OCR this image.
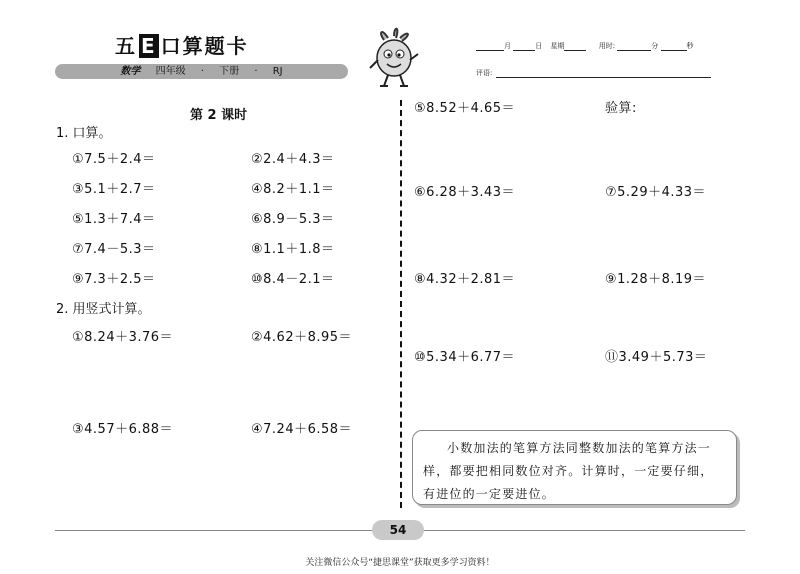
五 E 口算题卡
数学 四年级 · 下册 · RJ
月	日 星期	用时:	分	秒
评语:
第 2 课时
1. 口算。
①7.5＋2.4＝	②2.4＋4.3＝
③5.1＋2.7＝	④8.2＋1.1＝
⑤1.3＋7.4＝	⑥8.9－5.3＝
⑦7.4－5.3＝	⑧1.1＋1.8＝
⑨7.3＋2.5＝	⑩8.4－2.1＝
2. 用竖式计算。
①8.24＋3.76＝	②4.62＋8.95＝
③4.57＋6.88＝	④7.24＋6.58＝
⑤8.52＋4.65＝	验算:
⑥6.28＋3.43＝	⑦5.29＋4.33＝
⑧4.32＋2.81＝	⑨1.28＋8.19＝
⑩5.34＋6.77＝	⑪3.49＋5.73＝
小数加法的笔算方法同整数加法的笔算方法一样，都要把相同数位对齐。计算时，一定要仔细，有进位的一定要进位。
54
关注微信公众号“捷思课堂”获取更多学习资料！
